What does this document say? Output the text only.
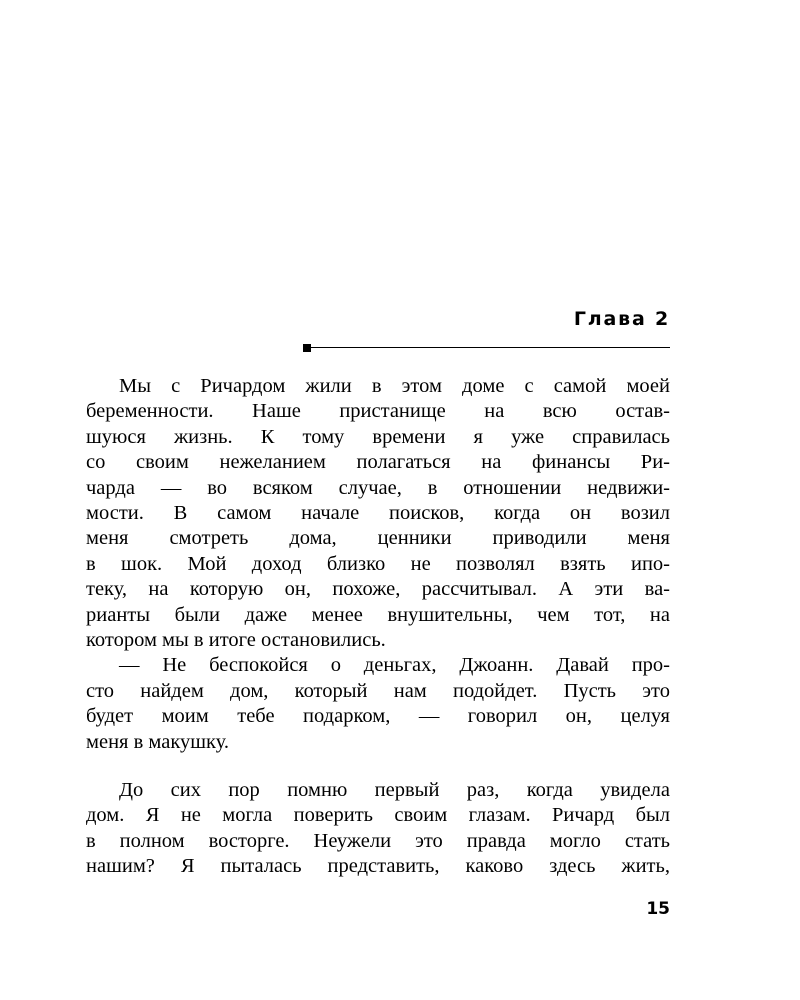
Глава 2

Мы с Ричардом жили в этом доме с самой моей

беременности. Наше пристанище на всю остав-

шуюся жизнь. К тому времени я уже справилась

со своим нежеланием полагаться на финансы Ри-

чарда — во всяком случае, в отношении недвижи-

мости. В самом начале поисков, когда он возил

меня смотреть дома, ценники приводили меня

в шок. Мой доход близко не позволял взять ипо-

теку, на которую он, похоже, рассчитывал. А эти ва-

рианты были даже менее внушительны, чем тот, на

котором мы в итоге остановились.

— Не беспокойся о деньгах, Джоанн. Давай про-

сто найдем дом, который нам подойдет. Пусть это

будет моим тебе подарком, — говорил он, целуя

меня в макушку.

До сих пор помню первый раз, когда увидела

дом. Я не могла поверить своим глазам. Ричард был

в полном восторге. Неужели это правда могло стать

нашим? Я пыталась представить, каково здесь жить,

15
